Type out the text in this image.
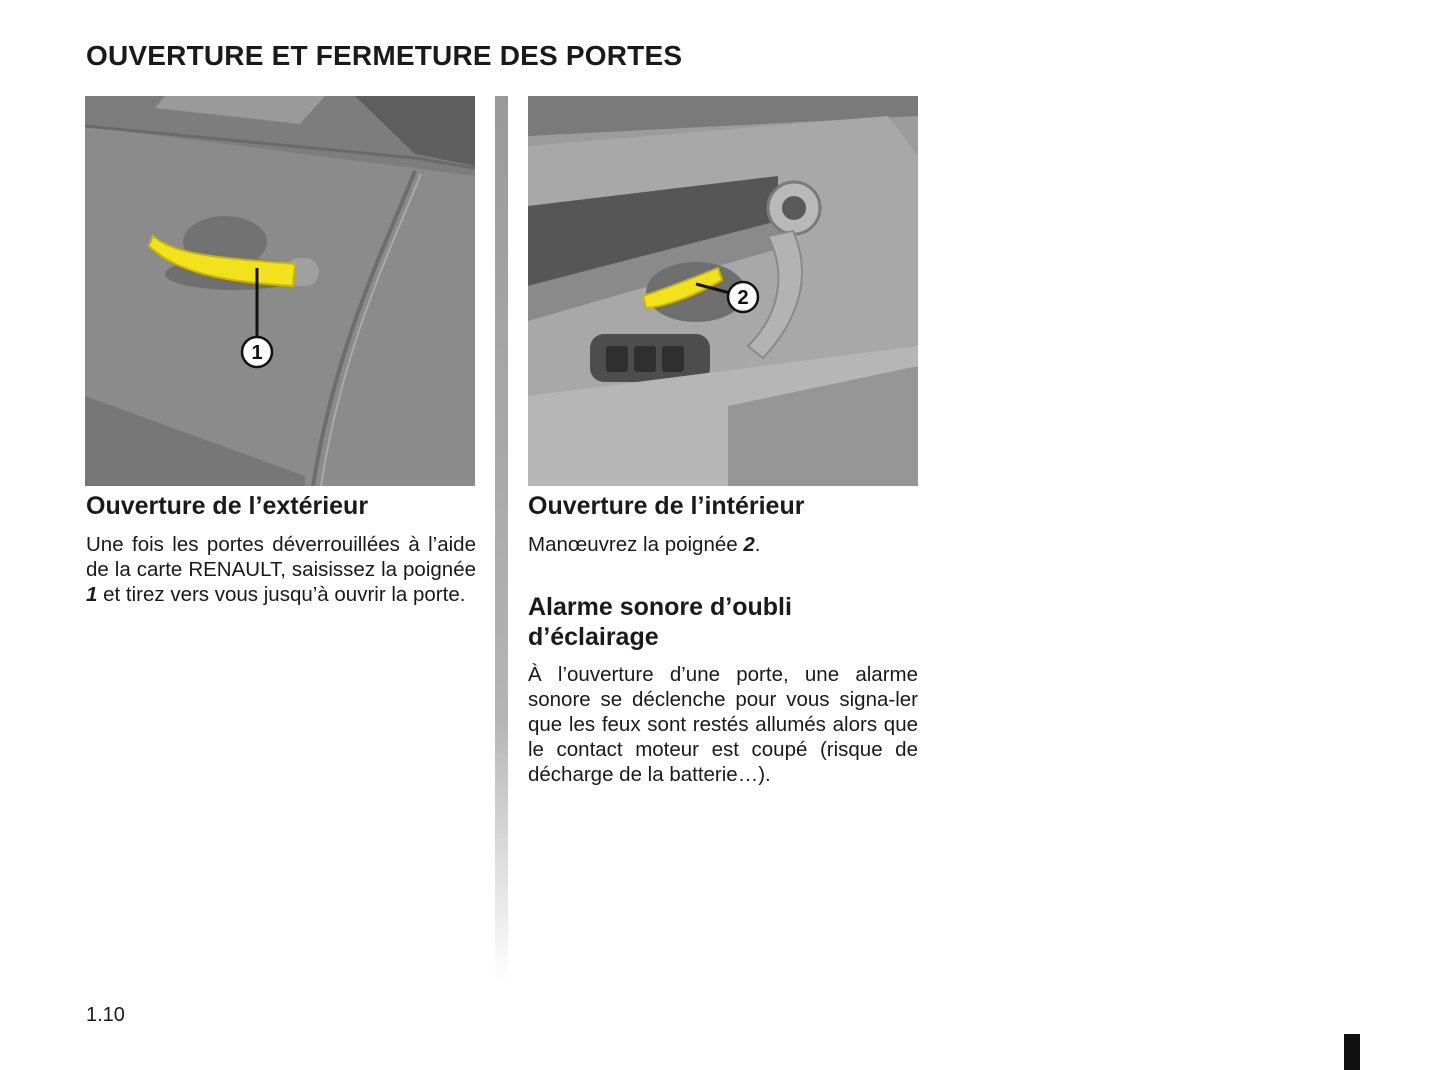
OUVERTURE ET FERMETURE DES PORTES
1
2
Ouverture de l’extérieur

Une fois les portes déverrouillées à l’aide de la carte RENAULT, saisissez la poignée 1 et tirez vers vous jusqu’à ouvrir la porte.

Ouverture de l’intérieur

Manœuvrez la poignée 2.

Alarme sonore d’oubli
d’éclairage

À l’ouverture d’une porte, une alarme sonore se déclenche pour vous signa-ler que les feux sont restés allumés alors que le contact moteur est coupé (risque de décharge de la batterie…).

1.10
